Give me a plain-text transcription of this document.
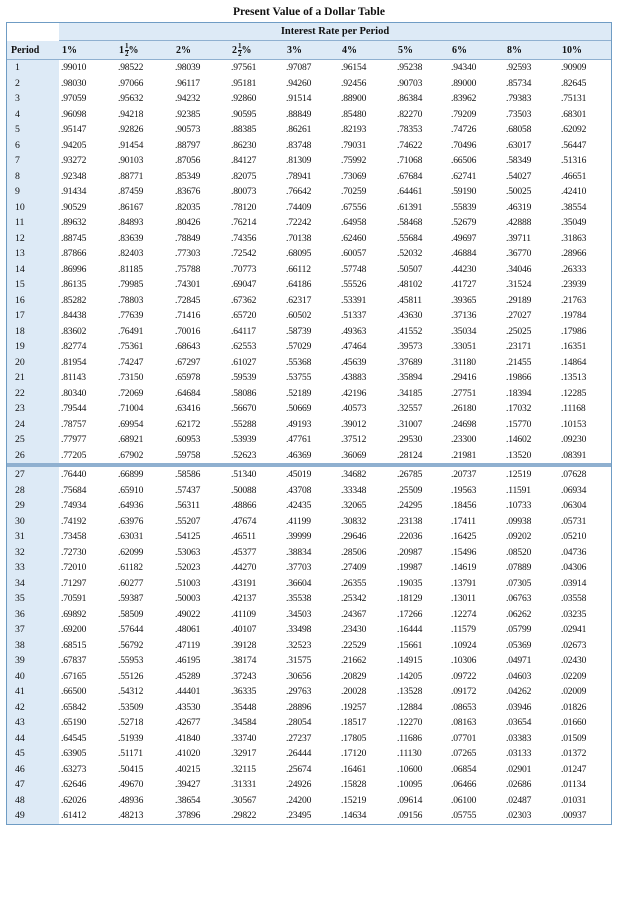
Present Value of a Dollar Table
Interest Rate per Period
Period	1%	$1 \frac{1}{2}$ %	2%	$2 \frac{1}{2}$ %	3%	4%	5%	6%	8%	10%
1	.99010	.98522	.98039	.97561	.97087	.96154	.95238	.94340	.92593	.90909
2	.98030	.97066	.96117	.95181	.94260	.92456	.90703	.89000	.85734	.82645
3	.97059	.95632	.94232	.92860	.91514	.88900	.86384	.83962	.79383	.75131
4	.96098	.94218	.92385	.90595	.88849	.85480	.82270	.79209	.73503	.68301
5	.95147	.92826	.90573	.88385	.86261	.82193	.78353	.74726	.68058	.62092
6	.94205	.91454	.88797	.86230	.83748	.79031	.74622	.70496	.63017	.56447
7	.93272	.90103	.87056	.84127	.81309	.75992	.71068	.66506	.58349	.51316
8	.92348	.88771	.85349	.82075	.78941	.73069	.67684	.62741	.54027	.46651
9	.91434	.87459	.83676	.80073	.76642	.70259	.64461	.59190	.50025	.42410
10	.90529	.86167	.82035	.78120	.74409	.67556	.61391	.55839	.46319	.38554
11	.89632	.84893	.80426	.76214	.72242	.64958	.58468	.52679	.42888	.35049
12	.88745	.83639	.78849	.74356	.70138	.62460	.55684	.49697	.39711	.31863
13	.87866	.82403	.77303	.72542	.68095	.60057	.52032	.46884	.36770	.28966
14	.86996	.81185	.75788	.70773	.66112	.57748	.50507	.44230	.34046	.26333
15	.86135	.79985	.74301	.69047	.64186	.55526	.48102	.41727	.31524	.23939
16	.85282	.78803	.72845	.67362	.62317	.53391	.45811	.39365	.29189	.21763
17	.84438	.77639	.71416	.65720	.60502	.51337	.43630	.37136	.27027	.19784
18	.83602	.76491	.70016	.64117	.58739	.49363	.41552	.35034	.25025	.17986
19	.82774	.75361	.68643	.62553	.57029	.47464	.39573	.33051	.23171	.16351
20	.81954	.74247	.67297	.61027	.55368	.45639	.37689	.31180	.21455	.14864
21	.81143	.73150	.65978	.59539	.53755	.43883	.35894	.29416	.19866	.13513
22	.80340	.72069	.64684	.58086	.52189	.42196	.34185	.27751	.18394	.12285
23	.79544	.71004	.63416	.56670	.50669	.40573	.32557	.26180	.17032	.11168
24	.78757	.69954	.62172	.55288	.49193	.39012	.31007	.24698	.15770	.10153
25	.77977	.68921	.60953	.53939	.47761	.37512	.29530	.23300	.14602	.09230
26	.77205	.67902	.59758	.52623	.46369	.36069	.28124	.21981	.13520	.08391
27	.76440	.66899	.58586	.51340	.45019	.34682	.26785	.20737	.12519	.07628
28	.75684	.65910	.57437	.50088	.43708	.33348	.25509	.19563	.11591	.06934
29	.74934	.64936	.56311	.48866	.42435	.32065	.24295	.18456	.10733	.06304
30	.74192	.63976	.55207	.47674	.41199	.30832	.23138	.17411	.09938	.05731
31	.73458	.63031	.54125	.46511	.39999	.29646	.22036	.16425	.09202	.05210
32	.72730	.62099	.53063	.45377	.38834	.28506	.20987	.15496	.08520	.04736
33	.72010	.61182	.52023	.44270	.37703	.27409	.19987	.14619	.07889	.04306
34	.71297	.60277	.51003	.43191	.36604	.26355	.19035	.13791	.07305	.03914
35	.70591	.59387	.50003	.42137	.35538	.25342	.18129	.13011	.06763	.03558
36	.69892	.58509	.49022	.41109	.34503	.24367	.17266	.12274	.06262	.03235
37	.69200	.57644	.48061	.40107	.33498	.23430	.16444	.11579	.05799	.02941
38	.68515	.56792	.47119	.39128	.32523	.22529	.15661	.10924	.05369	.02673
39	.67837	.55953	.46195	.38174	.31575	.21662	.14915	.10306	.04971	.02430
40	.67165	.55126	.45289	.37243	.30656	.20829	.14205	.09722	.04603	.02209
41	.66500	.54312	.44401	.36335	.29763	.20028	.13528	.09172	.04262	.02009
42	.65842	.53509	.43530	.35448	.28896	.19257	.12884	.08653	.03946	.01826
43	.65190	.52718	.42677	.34584	.28054	.18517	.12270	.08163	.03654	.01660
44	.64545	.51939	.41840	.33740	.27237	.17805	.11686	.07701	.03383	.01509
45	.63905	.51171	.41020	.32917	.26444	.17120	.11130	.07265	.03133	.01372
46	.63273	.50415	.40215	.32115	.25674	.16461	.10600	.06854	.02901	.01247
47	.62646	.49670	.39427	.31331	.24926	.15828	.10095	.06466	.02686	.01134
48	.62026	.48936	.38654	.30567	.24200	.15219	.09614	.06100	.02487	.01031
49	.61412	.48213	.37896	.29822	.23495	.14634	.09156	.05755	.02303	.00937
